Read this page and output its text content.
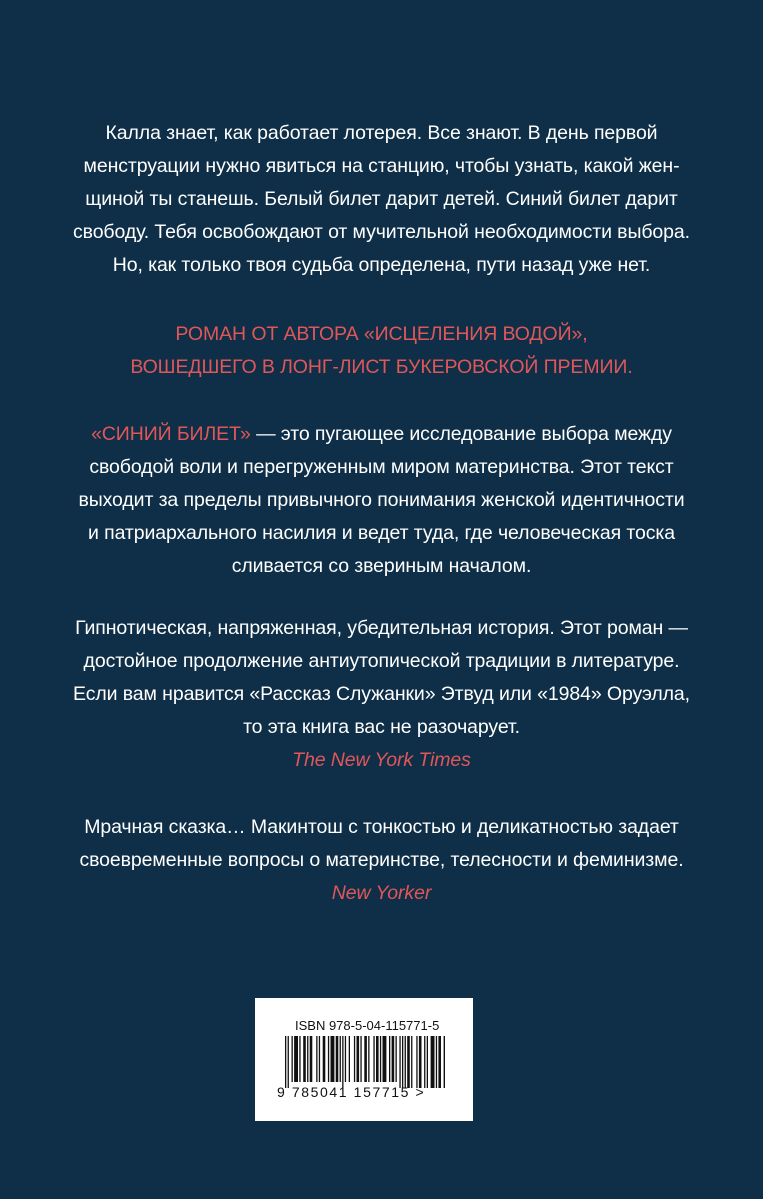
Калла знает, как работает лотерея. Все знают. В день первой
менструации нужно явиться на станцию, чтобы узнать, какой жен-
щиной ты станешь. Белый билет дарит детей. Синий билет дарит
свободу. Тебя освобождают от мучительной необходимости выбора.
Но, как только твоя судьба определена, пути назад уже нет.
РОМАН ОТ АВТОРА «ИСЦЕЛЕНИЯ ВОДОЙ»,
ВОШЕДШЕГО В ЛОНГ-ЛИСТ БУКЕРОВСКОЙ ПРЕМИИ.
«СИНИЙ БИЛЕТ» — это пугающее исследование выбора между
свободой воли и перегруженным миром материнства. Этот текст
выходит за пределы привычного понимания женской идентичности
и патриархального насилия и ведет туда, где человеческая тоска
сливается со звериным началом.
Гипнотическая, напряженная, убедительная история. Этот роман —
достойное продолжение антиутопической традиции в литературе.
Если вам нравится «Рассказ Служанки» Этвуд или «1984» Оруэлла,
то эта книга вас не разочарует.
The New York Times
Мрачная сказка… Макинтош с тонкостью и деликатностью задает
своевременные вопросы о материнстве, телесности и феминизме.
New Yorker
ISBN 978-5-04-115771-5
9 785041 157715 >
